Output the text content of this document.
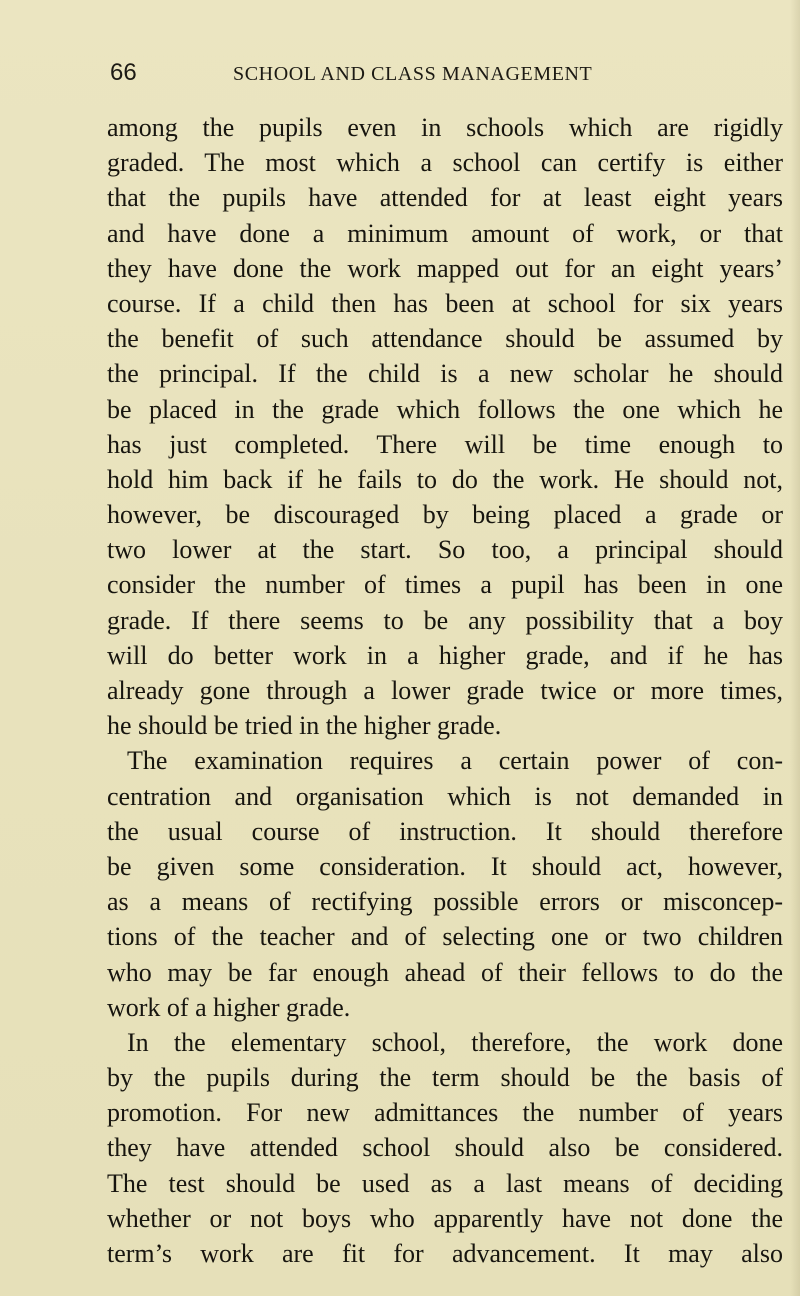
66	SCHOOL AND CLASS MANAGEMENT
among the pupils even in schools which are rigidly
graded. The most which a school can certify is either
that the pupils have attended for at least eight years
and have done a minimum amount of work, or that
they have done the work mapped out for an eight years’
course. If a child then has been at school for six years
the benefit of such attendance should be assumed by
the principal. If the child is a new scholar he should
be placed in the grade which follows the one which he
has just completed. There will be time enough to
hold him back if he fails to do the work. He should not,
however, be discouraged by being placed a grade or
two lower at the start. So too, a principal should
consider the number of times a pupil has been in one
grade. If there seems to be any possibility that a boy
will do better work in a higher grade, and if he has
already gone through a lower grade twice or more times,
he should be tried in the higher grade.
The examination requires a certain power of con-
centration and organisation which is not demanded in
the usual course of instruction. It should therefore
be given some consideration. It should act, however,
as a means of rectifying possible errors or misconcep-
tions of the teacher and of selecting one or two children
who may be far enough ahead of their fellows to do the
work of a higher grade.
In the elementary school, therefore, the work done
by the pupils during the term should be the basis of
promotion. For new admittances the number of years
they have attended school should also be considered.
The test should be used as a last means of deciding
whether or not boys who apparently have not done the
term’s work are fit for advancement. It may also
